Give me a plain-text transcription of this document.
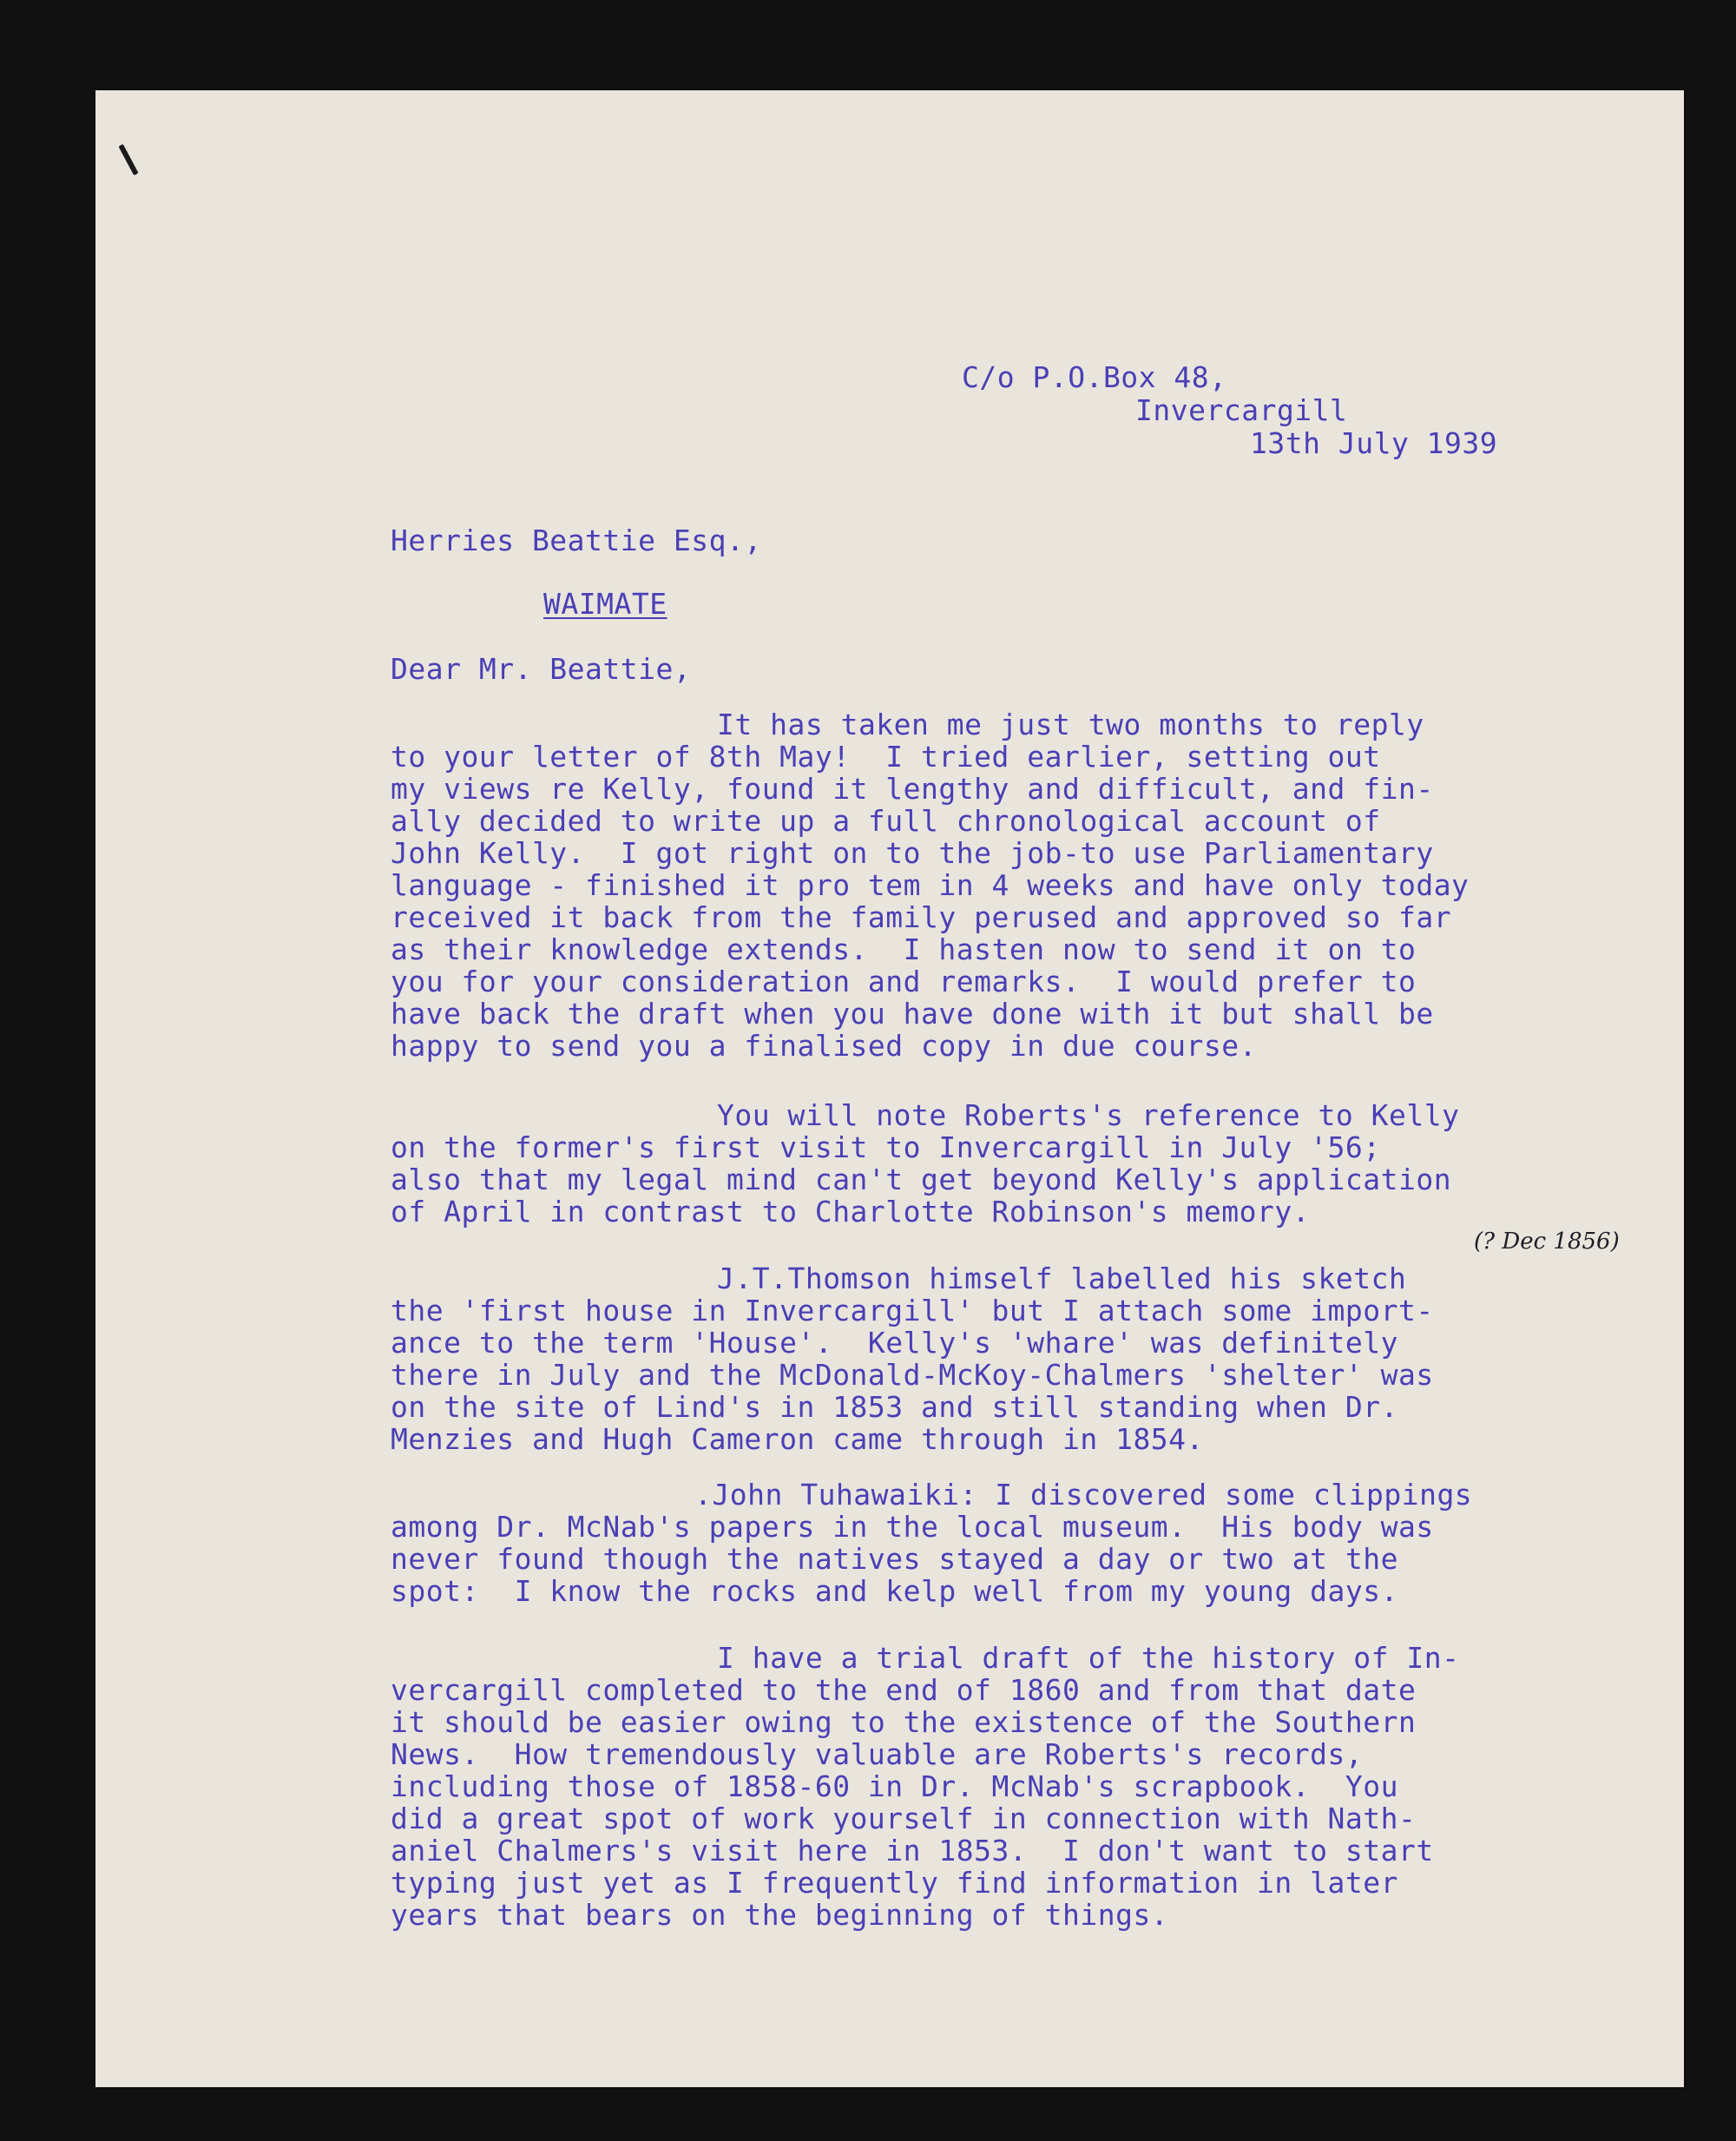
C/o P.O.Box 48,
Invercargill
13th July 1939
Herries Beattie Esq.,
WAIMATE
Dear Mr. Beattie,
(? Dec 1856)
It has taken me just two months to reply
to your letter of 8th May!  I tried earlier, setting out
my views re Kelly, found it lengthy and difficult, and fin-
ally decided to write up a full chronological account of
John Kelly.  I got right on to the job-to use Parliamentary
language - finished it pro tem in 4 weeks and have only today
received it back from the family perused and approved so far
as their knowledge extends.  I hasten now to send it on to
you for your consideration and remarks.  I would prefer to
have back the draft when you have done with it but shall be
happy to send you a finalised copy in due course.
You will note Roberts's reference to Kelly
on the former's first visit to Invercargill in July '56;
also that my legal mind can't get beyond Kelly's application
of April in contrast to Charlotte Robinson's memory.
J.T.Thomson himself labelled his sketch
the 'first house in Invercargill' but I attach some import-
ance to the term 'House'.  Kelly's 'whare' was definitely
there in July and the McDonald-McKoy-Chalmers 'shelter' was
on the site of Lind's in 1853 and still standing when Dr.
Menzies and Hugh Cameron came through in 1854.
.John Tuhawaiki: I discovered some clippings
among Dr. McNab's papers in the local museum.  His body was
never found though the natives stayed a day or two at the
spot:  I know the rocks and kelp well from my young days.
I have a trial draft of the history of In-
vercargill completed to the end of 1860 and from that date
it should be easier owing to the existence of the Southern
News.  How tremendously valuable are Roberts's records,
including those of 1858-60 in Dr. McNab's scrapbook.  You
did a great spot of work yourself in connection with Nath-
aniel Chalmers's visit here in 1853.  I don't want to start
typing just yet as I frequently find information in later
years that bears on the beginning of things.
